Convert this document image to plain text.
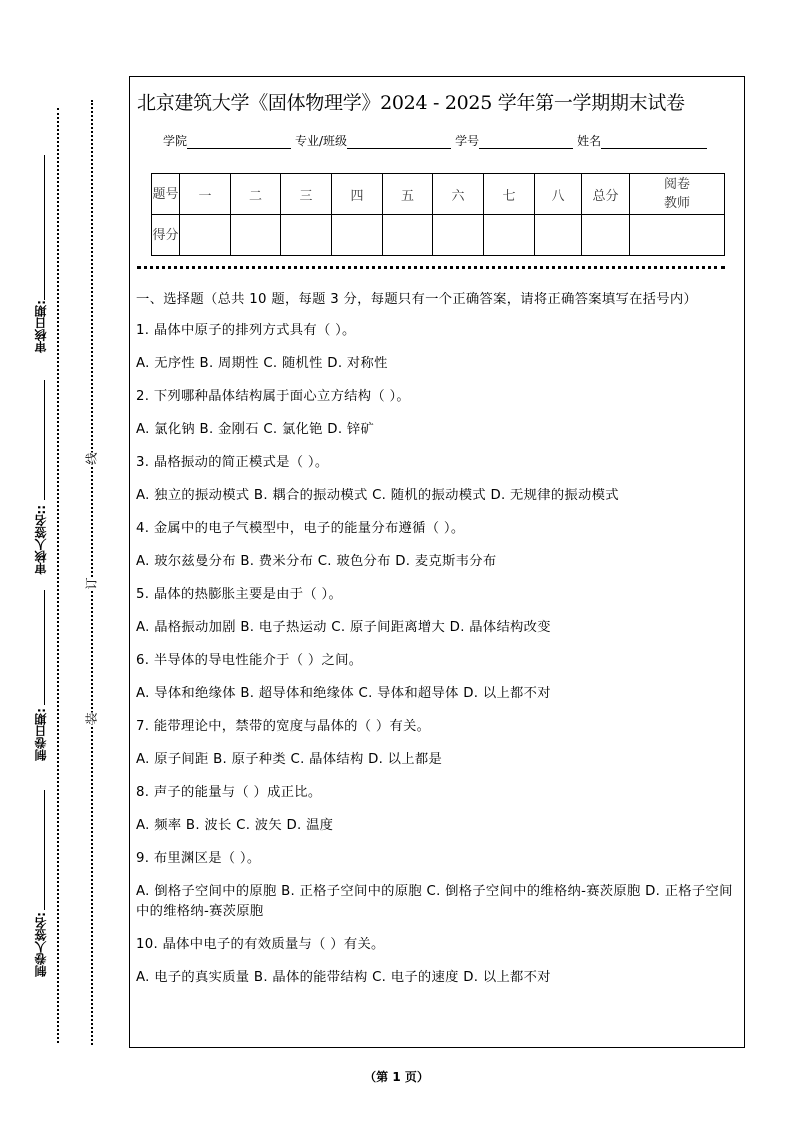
审核日期:
审核人签名::
制卷日期:
制卷人签名:
线
订
装
北京建筑大学《固体物理学》2024 - 2025 学年第一学期期末试卷
学院	专业/班级	学号	姓名
题号	一	二	三	四	五	六	七	八	总分	阅卷教师
得分										
一、选择题（总共 10 题，每题 3 分，每题只有一个正确答案，请将正确答案填写在括号内）
1. 晶体中原子的排列方式具有（ ）。
A. 无序性 B. 周期性 C. 随机性 D. 对称性
2. 下列哪种晶体结构属于面心立方结构（ ）。
A. 氯化钠 B. 金刚石 C. 氯化铯 D. 锌矿
3. 晶格振动的简正模式是（ ）。
A. 独立的振动模式 B. 耦合的振动模式 C. 随机的振动模式 D. 无规律的振动模式
4. 金属中的电子气模型中，电子的能量分布遵循（ ）。
A. 玻尔兹曼分布 B. 费米分布 C. 玻色分布 D. 麦克斯韦分布
5. 晶体的热膨胀主要是由于（ ）。
A. 晶格振动加剧 B. 电子热运动 C. 原子间距离增大 D. 晶体结构改变
6. 半导体的导电性能介于（ ）之间。
A. 导体和绝缘体 B. 超导体和绝缘体 C. 导体和超导体 D. 以上都不对
7. 能带理论中，禁带的宽度与晶体的（ ）有关。
A. 原子间距 B. 原子种类 C. 晶体结构 D. 以上都是
8. 声子的能量与（ ）成正比。
A. 频率 B. 波长 C. 波矢 D. 温度
9. 布里渊区是（ ）。
A. 倒格子空间中的原胞 B. 正格子空间中的原胞 C. 倒格子空间中的维格纳-赛茨原胞 D. 正格子空间中的维格纳-赛茨原胞
10. 晶体中电子的有效质量与（ ）有关。
A. 电子的真实质量 B. 晶体的能带结构 C. 电子的速度 D. 以上都不对
（第 1 页）
